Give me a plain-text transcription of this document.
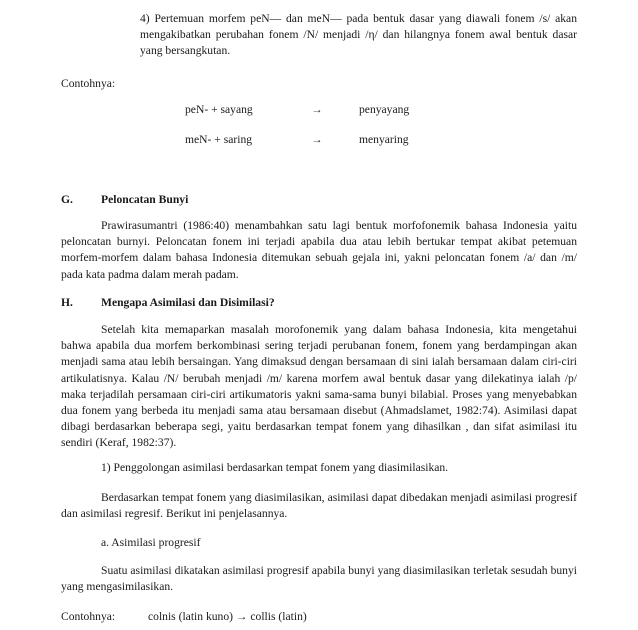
4) Pertemuan morfem peN— dan meN— pada bentuk dasar yang diawali fonem /s/ akan mengakibatkan perubahan fonem /N/ menjadi /η/ dan hilangnya fonem awal bentuk dasar yang bersangkutan.
Contohnya:
peN- + sayang	→	penyayang
meN- + saring	→	menyaring
G. Peloncatan Bunyi
Prawirasumantri (1986:40) menambahkan satu lagi bentuk morfofonemik bahasa Indonesia yaitu peloncatan burnyi. Peloncatan fonem ini terjadi apabila dua atau lebih bertukar tempat akibat petemuan morfem-morfem dalam bahasa Indonesia ditemukan sebuah gejala ini, yakni peloncatan fonem /a/ dan /m/ pada kata padma dalam merah padam.
H. Mengapa Asimilasi dan Disimilasi?
Setelah kita memaparkan masalah morofonemik yang dalam bahasa Indonesia, kita mengetahui bahwa apabila dua morfem berkombinasi sering terjadi perubanan fonem, fonem yang berdampingan akan menjadi sama atau lebih bersaingan. Yang dimaksud dengan bersamaan di sini ialah bersamaan dalam ciri-ciri artikulatisnya. Kalau /N/ berubah menjadi /m/ karena morfem awal bentuk dasar yang dilekatinya ialah /p/ maka terjadilah persamaan ciri-ciri artikumatoris yakni sama-sama bunyi bilabial. Proses yang menyebabkan dua fonem yang berbeda itu menjadi sama atau bersamaan disebut (Ahmadslamet, 1982:74). Asimilasi dapat dibagi berdasarkan beberapa segi, yaitu berdasarkan tempat fonem yang dihasilkan , dan sifat asimilasi itu sendiri (Keraf, 1982:37).
1) Penggolongan asimilasi berdasarkan tempat fonem yang diasimilasikan.
Berdasarkan tempat fonem yang diasimilasikan, asimilasi dapat dibedakan menjadi asimilasi progresif dan asimilasi regresif. Berikut ini penjelasannya.
a. Asimilasi progresif
Suatu asimilasi dikatakan asimilasi progresif apabila bunyi yang diasimilasikan terletak sesudah bunyi yang mengasimilasikan.
Contohnya:	colnis (latin kuno) → collis (latin)
